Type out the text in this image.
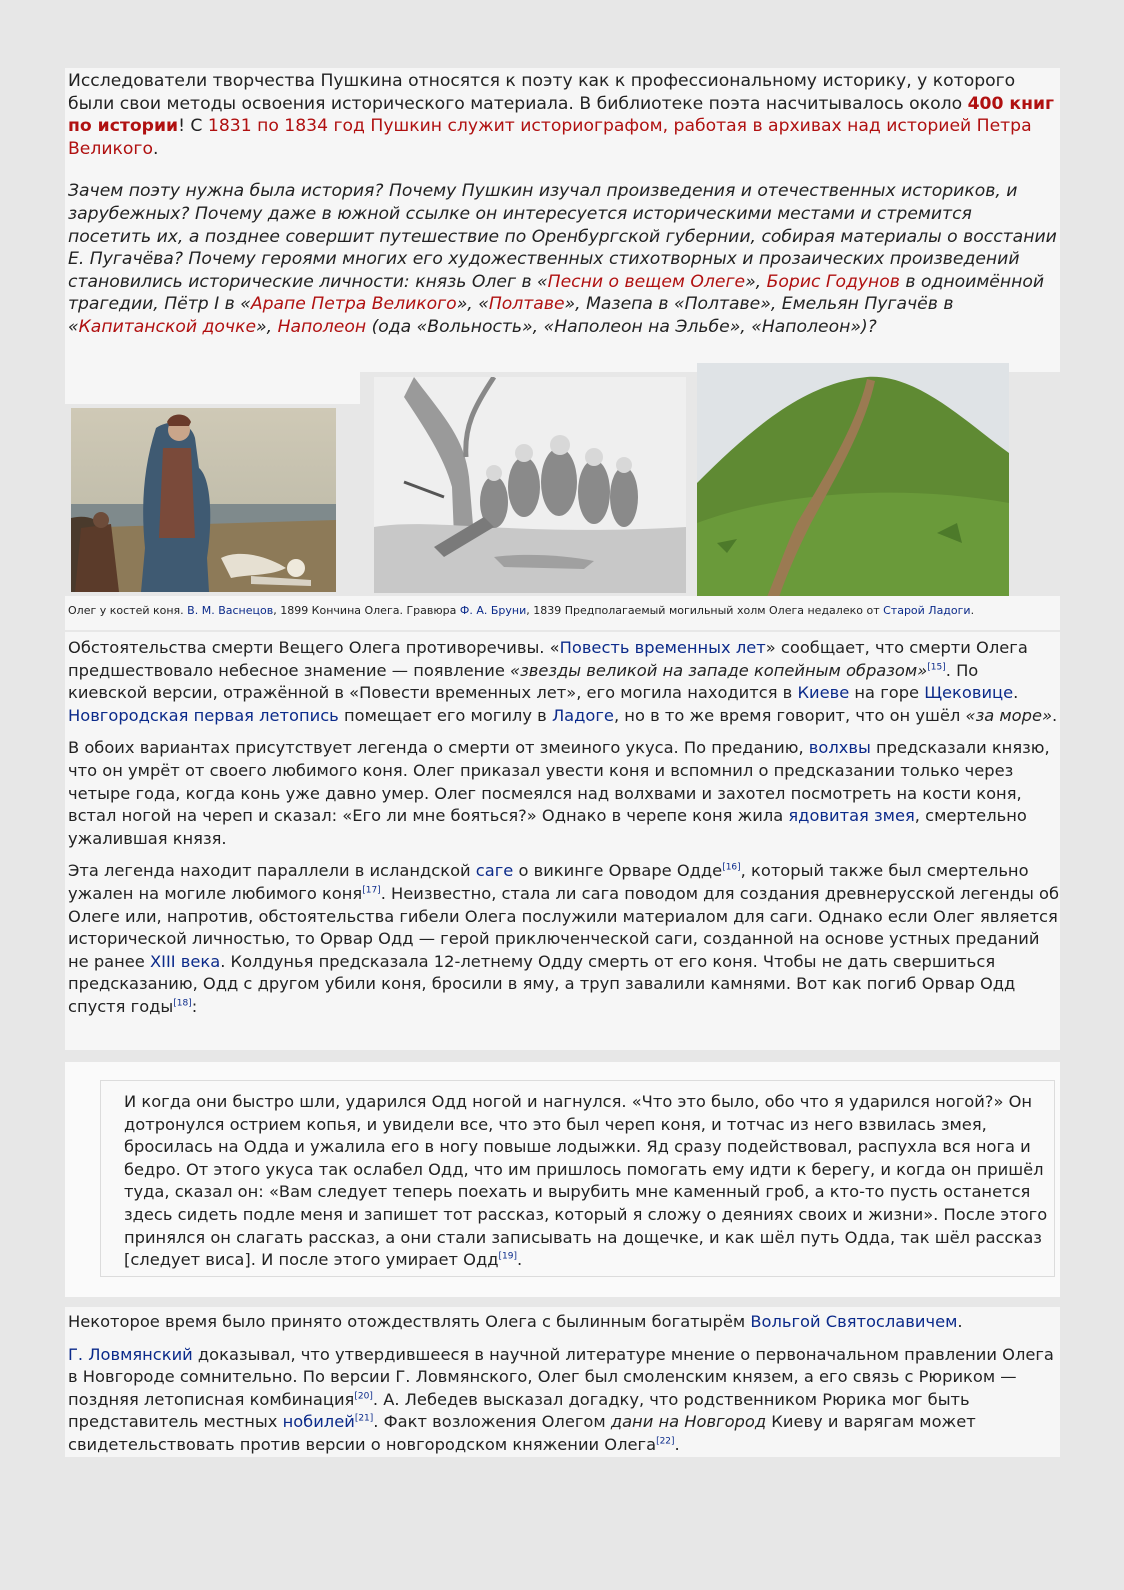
Исследователи творчества Пушкина относятся к поэту как к профессиональному историку, у которого были свои методы освоения исторического материала. В библиотеке поэта насчитывалось около 400 книг по истории! С 1831 по 1834 год Пушкин служит историографом, работая в архивах над историей Петра Великого.

Зачем поэту нужна была история? Почему Пушкин изучал произведения и отечественных историков, и зарубежных? Почему даже в южной ссылке он интересуется историческими местами и стремится посетить их, а позднее совершит путешествие по Оренбургской губернии, собирая материалы о восстании Е. Пугачёва? Почему героями многих его художественных стихотворных и прозаических произведений становились исторические личности: князь Олег в «Песни о вещем Олеге», Борис Годунов в одноимённой трагедии, Пётр I в «Арапе Петра Великого», «Полтаве», Мазепа в «Полтаве», Емельян Пугачёв в «Капитанской дочке», Наполеон (ода «Вольность», «Наполеон на Эльбе», «Наполеон»)?

Олег у костей коня. В. М. Васнецов, 1899 Кончина Олега. Гравюра Ф. А. Бруни, 1839 Предполагаемый могильный холм Олега недалеко от Старой Ладоги.

Обстоятельства смерти Вещего Олега противоречивы. «Повесть временных лет» сообщает, что смерти Олега предшествовало небесное знамение — появление «звезды великой на западе копейным образом»[15]. По киевской версии, отражённой в «Повести временных лет», его могила находится в Киеве на горе Щековице. Новгородская первая летопись помещает его могилу в Ладоге, но в то же время говорит, что он ушёл «за море».

В обоих вариантах присутствует легенда о смерти от змеиного укуса. По преданию, волхвы предсказали князю, что он умрёт от своего любимого коня. Олег приказал увести коня и вспомнил о предсказании только через четыре года, когда конь уже давно умер. Олег посмеялся над волхвами и захотел посмотреть на кости коня, встал ногой на череп и сказал: «Его ли мне бояться?» Однако в черепе коня жила ядовитая змея, смертельно ужалившая князя.

Эта легенда находит параллели в исландской саге о викинге Орваре Одде[16], который также был смертельно ужален на могиле любимого коня[17]. Неизвестно, стала ли сага поводом для создания древнерусской легенды об Олеге или, напротив, обстоятельства гибели Олега послужили материалом для саги. Однако если Олег является исторической личностью, то Орвар Одд — герой приключенческой саги, созданной на основе устных преданий не ранее XIII века. Колдунья предсказала 12-летнему Одду смерть от его коня. Чтобы не дать свершиться предсказанию, Одд с другом убили коня, бросили в яму, а труп завалили камнями. Вот как погиб Орвар Одд спустя годы[18]:

И когда они быстро шли, ударился Одд ногой и нагнулся. «Что это было, обо что я ударился ногой?» Он дотронулся острием копья, и увидели все, что это был череп коня, и тотчас из него взвилась змея, бросилась на Одда и ужалила его в ногу повыше лодыжки. Яд сразу подействовал, распухла вся нога и бедро. От этого укуса так ослабел Одд, что им пришлось помогать ему идти к берегу, и когда он пришёл туда, сказал он: «Вам следует теперь поехать и вырубить мне каменный гроб, а кто-то пусть останется здесь сидеть подле меня и запишет тот рассказ, который я сложу о деяниях своих и жизни». После этого принялся он слагать рассказ, а они стали записывать на дощечке, и как шёл путь Одда, так шёл рассказ [следует виса]. И после этого умирает Одд[19].

Некоторое время было принято отождествлять Олега с былинным богатырём Вольгой Святославичем.

Г. Ловмянский доказывал, что утвердившееся в научной литературе мнение о первоначальном правлении Олега в Новгороде сомнительно. По версии Г. Ловмянского, Олег был смоленским князем, а его связь с Рюриком — поздняя летописная комбинация[20]. А. Лебедев высказал догадку, что родственником Рюрика мог быть представитель местных нобилей[21]. Факт возложения Олегом дани на Новгород Киеву и варягам может свидетельствовать против версии о новгородском княжении Олега[22].
